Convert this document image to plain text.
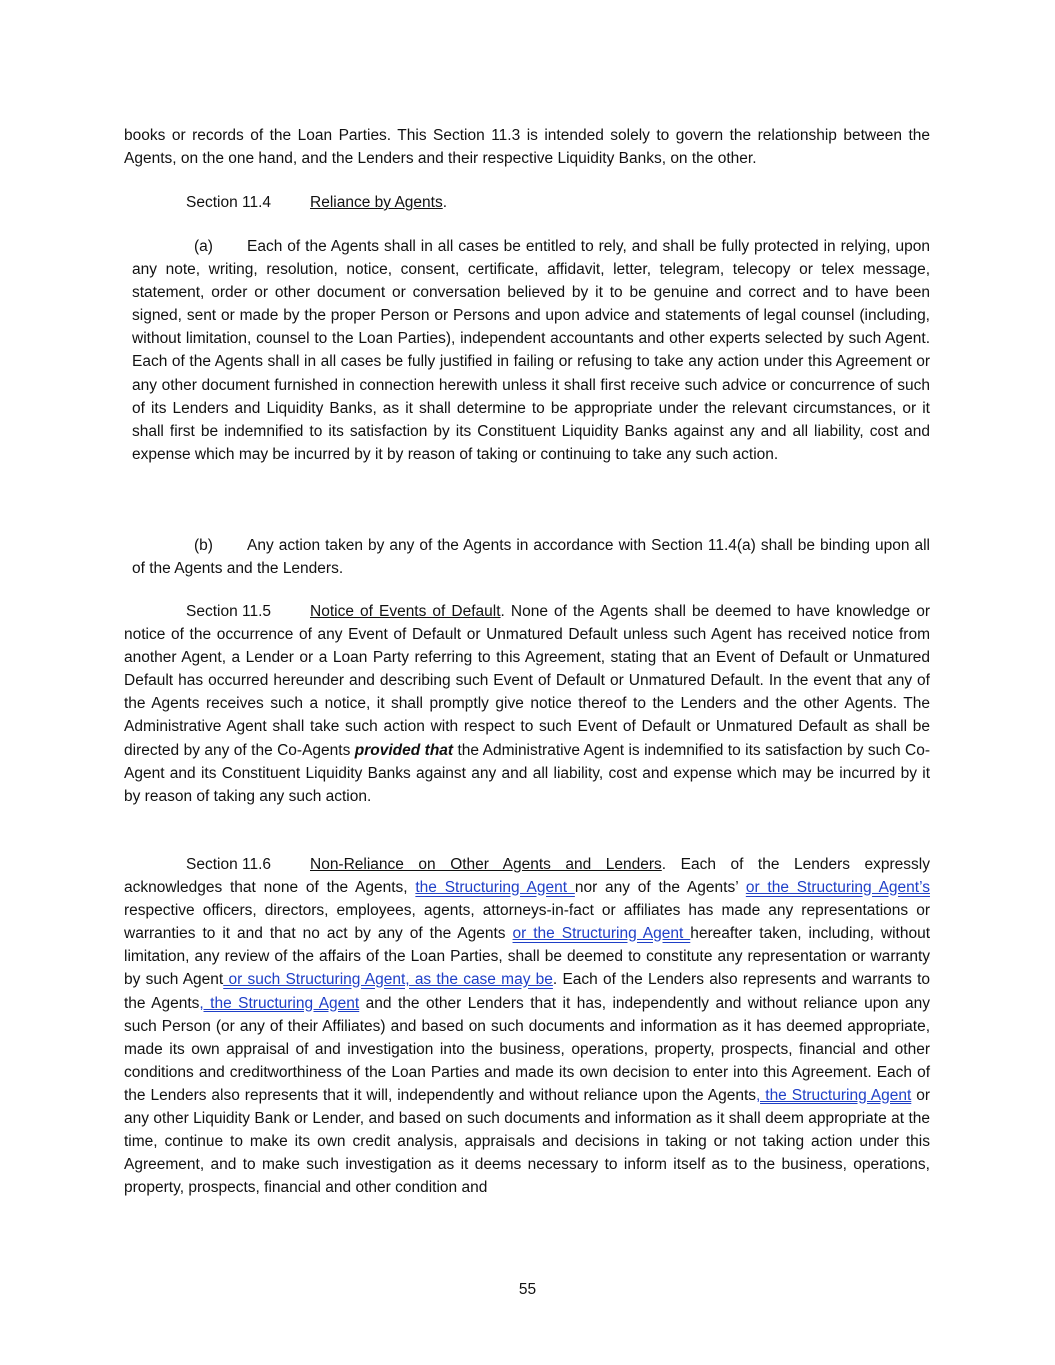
books or records of the Loan Parties. This Section 11.3 is intended solely to govern the relationship between the Agents, on the one hand, and the Lenders and their respective Liquidity Banks, on the other.

Section 11.4	Reliance by Agents.

(a) Each of the Agents shall in all cases be entitled to rely, and shall be fully protected in relying, upon any note, writing, resolution, notice, consent, certificate, affidavit, letter, telegram, telecopy or telex message, statement, order or other document or conversation believed by it to be genuine and correct and to have been signed, sent or made by the proper Person or Persons and upon advice and statements of legal counsel (including, without limitation, counsel to the Loan Parties), independent accountants and other experts selected by such Agent. Each of the Agents shall in all cases be fully justified in failing or refusing to take any action under this Agreement or any other document furnished in connection herewith unless it shall first receive such advice or concurrence of such of its Lenders and Liquidity Banks, as it shall determine to be appropriate under the relevant circumstances, or it shall first be indemnified to its satisfaction by its Constituent Liquidity Banks against any and all liability, cost and expense which may be incurred by it by reason of taking or continuing to take any such action.

(b) Any action taken by any of the Agents in accordance with Section 11.4(a) shall be binding upon all of the Agents and the Lenders.

Section 11.5	Notice of Events of Default. None of the Agents shall be deemed to have knowledge or notice of the occurrence of any Event of Default or Unmatured Default unless such Agent has received notice from another Agent, a Lender or a Loan Party referring to this Agreement, stating that an Event of Default or Unmatured Default has occurred hereunder and describing such Event of Default or Unmatured Default. In the event that any of the Agents receives such a notice, it shall promptly give notice thereof to the Lenders and the other Agents. The Administrative Agent shall take such action with respect to such Event of Default or Unmatured Default as shall be directed by any of the Co-Agents provided that the Administrative Agent is indemnified to its satisfaction by such Co-Agent and its Constituent Liquidity Banks against any and all liability, cost and expense which may be incurred by it by reason of taking any such action.

Section 11.6	Non-Reliance on Other Agents and Lenders. Each of the Lenders expressly acknowledges that none of the Agents, the Structuring Agent nor any of the Agents’ or the Structuring Agent’s respective officers, directors, employees, agents, attorneys-in-fact or affiliates has made any representations or warranties to it and that no act by any of the Agents or the Structuring Agent hereafter taken, including, without limitation, any review of the affairs of the Loan Parties, shall be deemed to constitute any representation or warranty by such Agent or such Structuring Agent, as the case may be. Each of the Lenders also represents and warrants to the Agents, the Structuring Agent and the other Lenders that it has, independently and without reliance upon any such Person (or any of their Affiliates) and based on such documents and information as it has deemed appropriate, made its own appraisal of and investigation into the business, operations, property, prospects, financial and other conditions and creditworthiness of the Loan Parties and made its own decision to enter into this Agreement. Each of the Lenders also represents that it will, independently and without reliance upon the Agents, the Structuring Agent or any other Liquidity Bank or Lender, and based on such documents and information as it shall deem appropriate at the time, continue to make its own credit analysis, appraisals and decisions in taking or not taking action under this Agreement, and to make such investigation as it deems necessary to inform itself as to the business, operations, property, prospects, financial and other condition and

55
